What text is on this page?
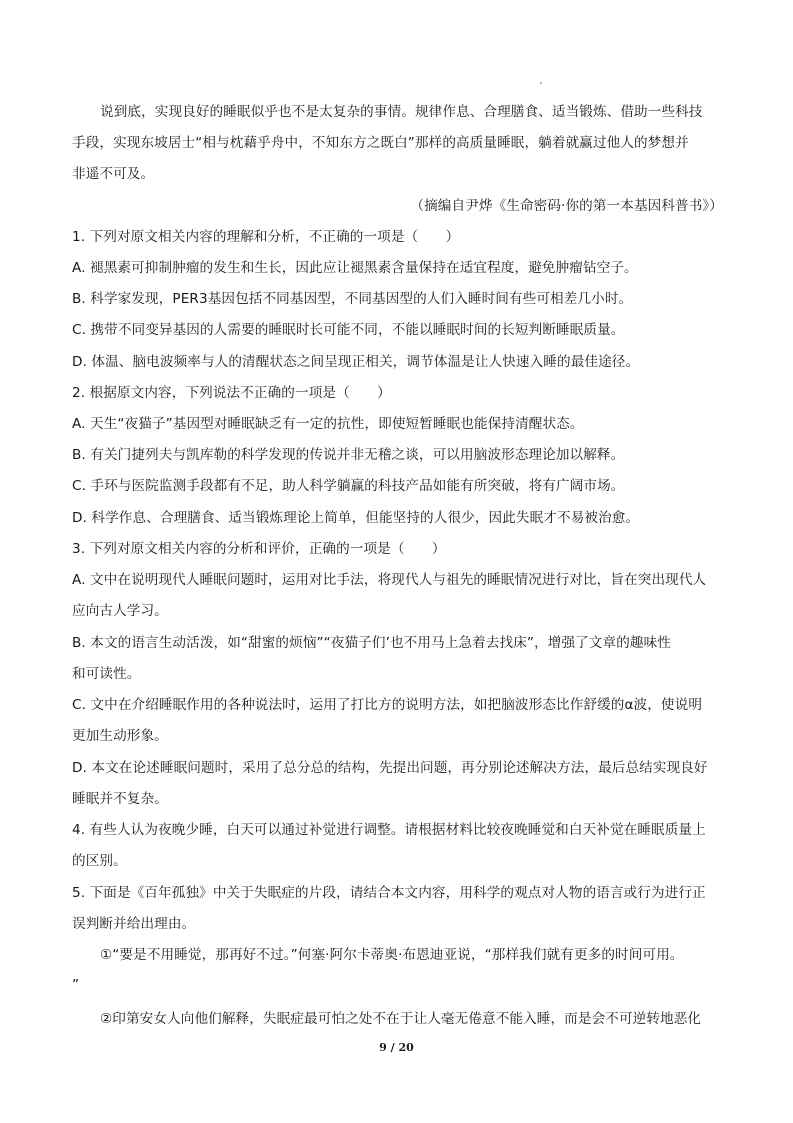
说到底，实现良好的睡眠似乎也不是太复杂的事情。规律作息、合理膳食、适当锻炼、借助一些科技
手段，实现东坡居士“相与枕藉乎舟中，不知东方之既白”那样的高质量睡眠，躺着就赢过他人的梦想并
非遥不可及。
（摘编自尹烨《生命密码·你的第一本基因科普书》）
1. 下列对原文相关内容的理解和分析，不正确的一项是（　　）
A. 褪黑素可抑制肿瘤的发生和生长，因此应让褪黑素含量保持在适宜程度，避免肿瘤钻空子。
B. 科学家发现，PER3基因包括不同基因型，不同基因型的人们入睡时间有些可相差几小时。
C. 携带不同变异基因的人需要的睡眠时长可能不同，不能以睡眠时间的长短判断睡眠质量。
D. 体温、脑电波频率与人的清醒状态之间呈现正相关，调节体温是让人快速入睡的最佳途径。
2. 根据原文内容，下列说法不正确的一项是（　　）
A. 天生“夜猫子”基因型对睡眠缺乏有一定的抗性，即使短暂睡眠也能保持清醒状态。
B. 有关门捷列夫与凯库勒的科学发现的传说并非无稽之谈，可以用脑波形态理论加以解释。
C. 手环与医院监测手段都有不足，助人科学躺赢的科技产品如能有所突破，将有广阔市场。
D. 科学作息、合理膳食、适当锻炼理论上简单，但能坚持的人很少，因此失眠才不易被治愈。
3. 下列对原文相关内容的分析和评价，正确的一项是（　　）
A. 文中在说明现代人睡眠问题时，运用对比手法，将现代人与祖先的睡眠情况进行对比，旨在突出现代人
应向古人学习。
B. 本文的语言生动活泼，如“甜蜜的烦恼”“夜猫子们’也不用马上急着去找床”，增强了文章的趣味性
和可读性。
C. 文中在介绍睡眠作用的各种说法时，运用了打比方的说明方法，如把脑波形态比作舒缓的α波，使说明
更加生动形象。
D. 本文在论述睡眠问题时，采用了总分总的结构，先提出问题，再分别论述解决方法，最后总结实现良好
睡眠并不复杂。
4. 有些人认为夜晚少睡，白天可以通过补觉进行调整。请根据材料比较夜晚睡觉和白天补觉在睡眠质量上
的区别。
5. 下面是《百年孤独》中关于失眠症的片段，请结合本文内容，用科学的观点对人物的语言或行为进行正
误判断并给出理由。
①“要是不用睡觉，那再好不过。”何塞·阿尔卡蒂奥·布恩迪亚说，“那样我们就有更多的时间可用。
”
②印第安女人向他们解释，失眠症最可怕之处不在于让人毫无倦意不能入睡，而是会不可逆转地恶化
9 / 20
